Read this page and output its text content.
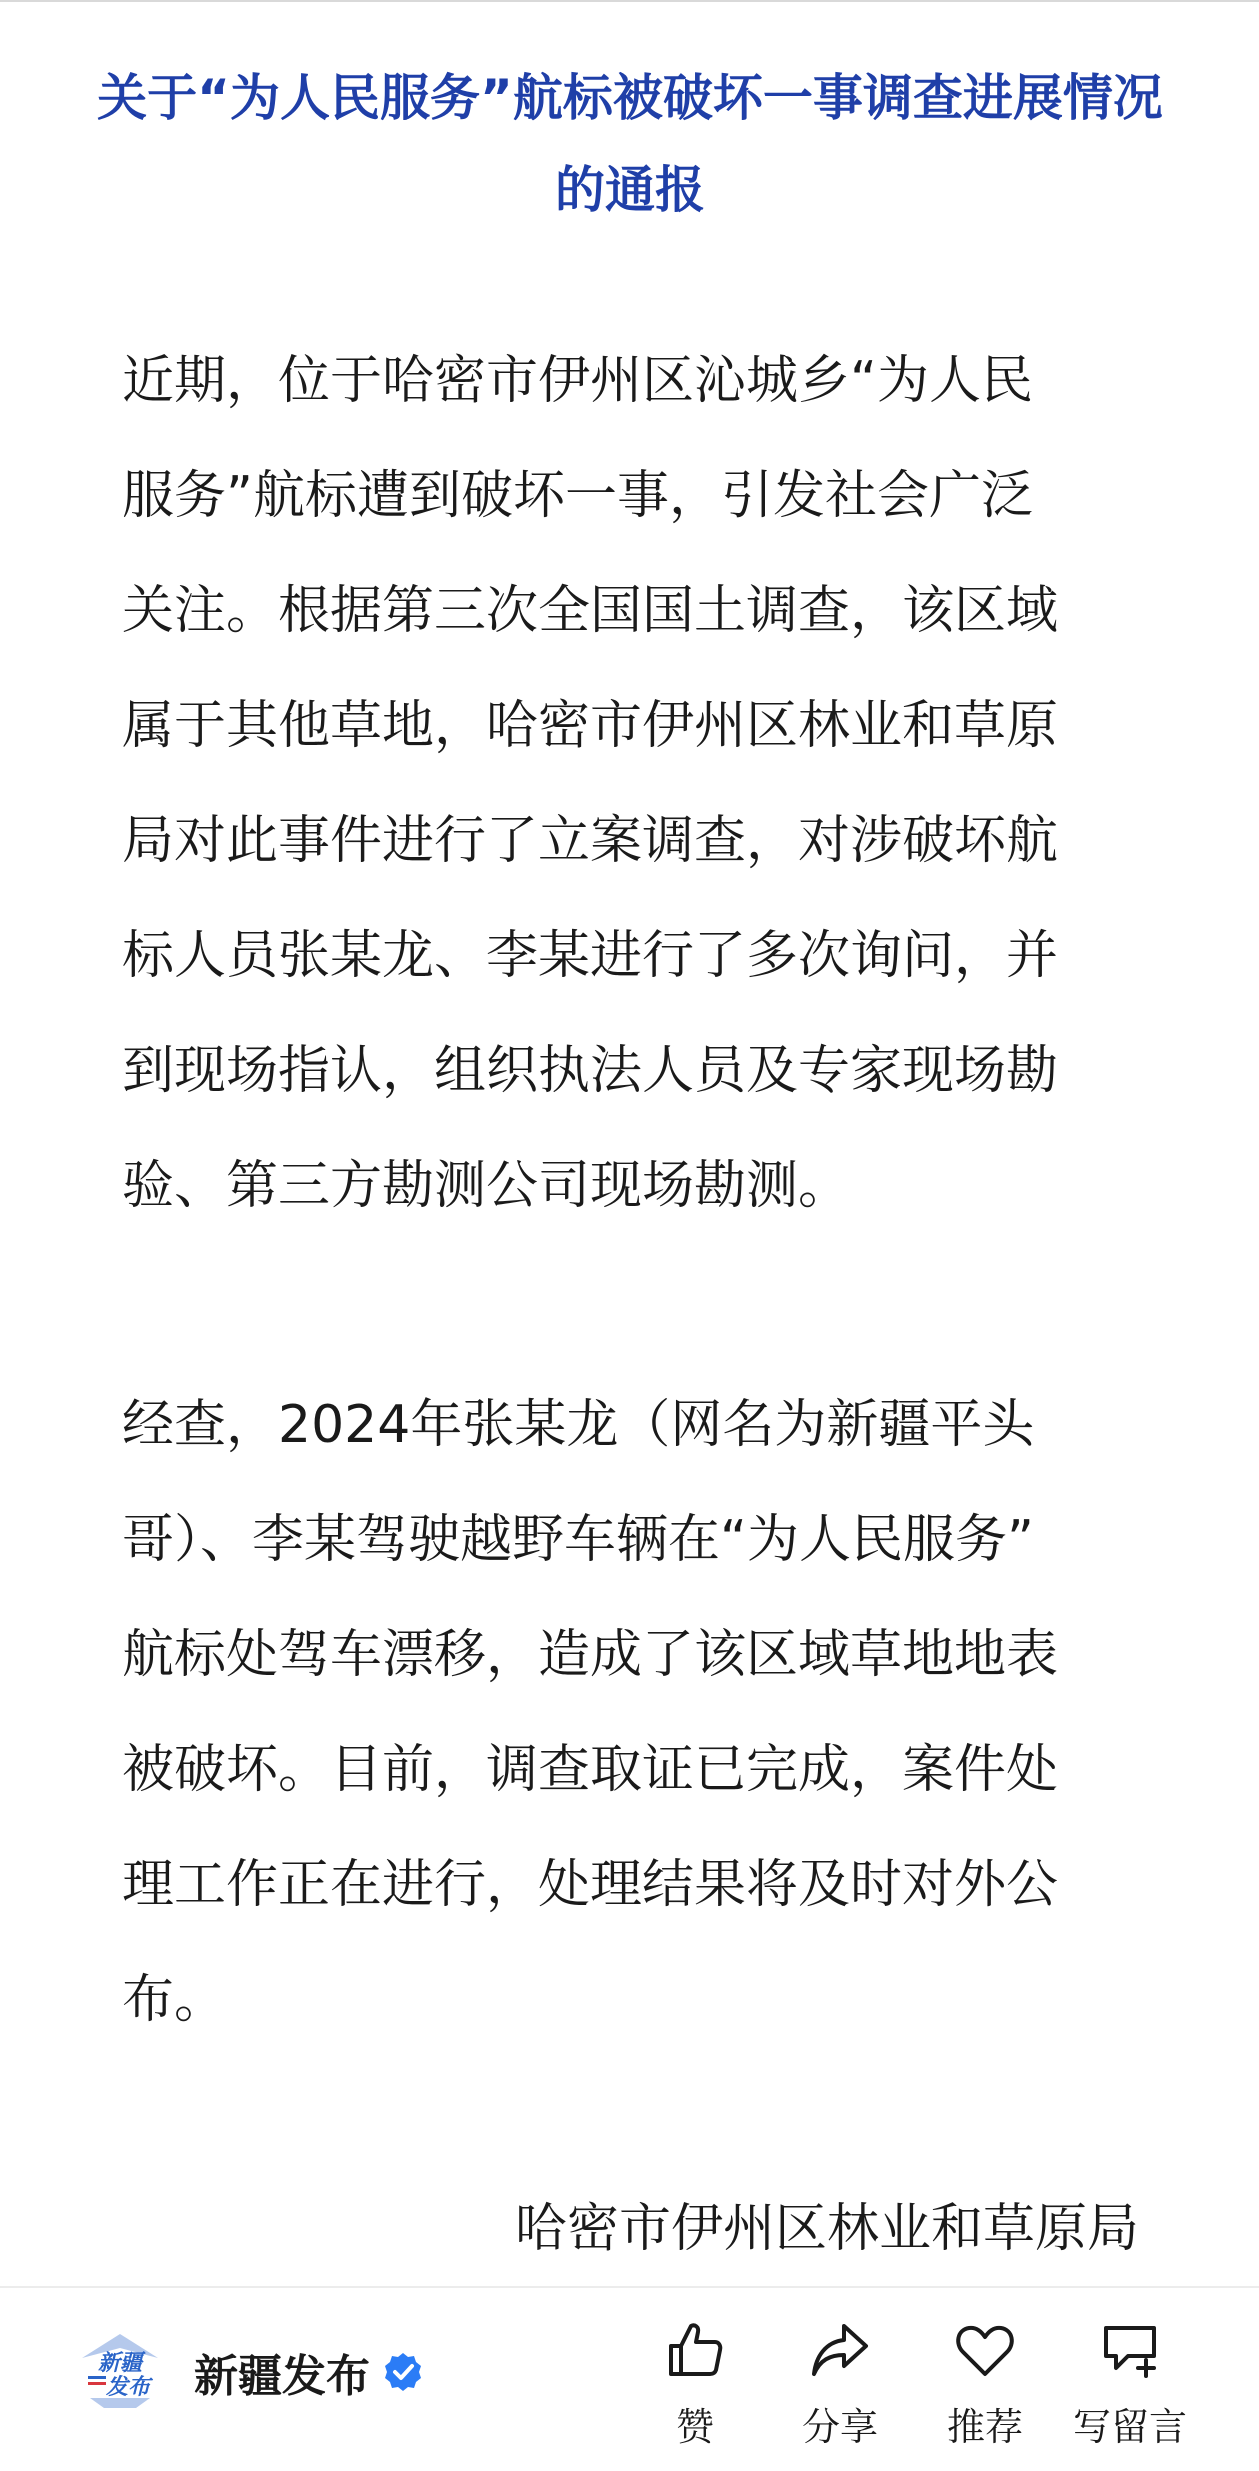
关于“为人民服务”航标被破坏一事调查进展情况
的通报

近期，位于哈密市伊州区沁城乡“为人民
服务”航标遭到破坏一事，引发社会广泛
关注。根据第三次全国国土调查，该区域
属于其他草地，哈密市伊州区林业和草原
局对此事件进行了立案调查，对涉破坏航
标人员张某龙、李某进行了多次询问，并
到现场指认，组织执法人员及专家现场勘
验、第三方勘测公司现场勘测。

经查，2024年张某龙（网名为新疆平头
哥）、李某驾驶越野车辆在“为人民服务”
航标处驾车漂移，造成了该区域草地地表
被破坏。目前，调查取证已完成，案件处
理工作正在进行，处理结果将及时对外公
布。

哈密市伊州区林业和草原局
新疆
发布 新疆发布
赞	分享	推荐	写留言
